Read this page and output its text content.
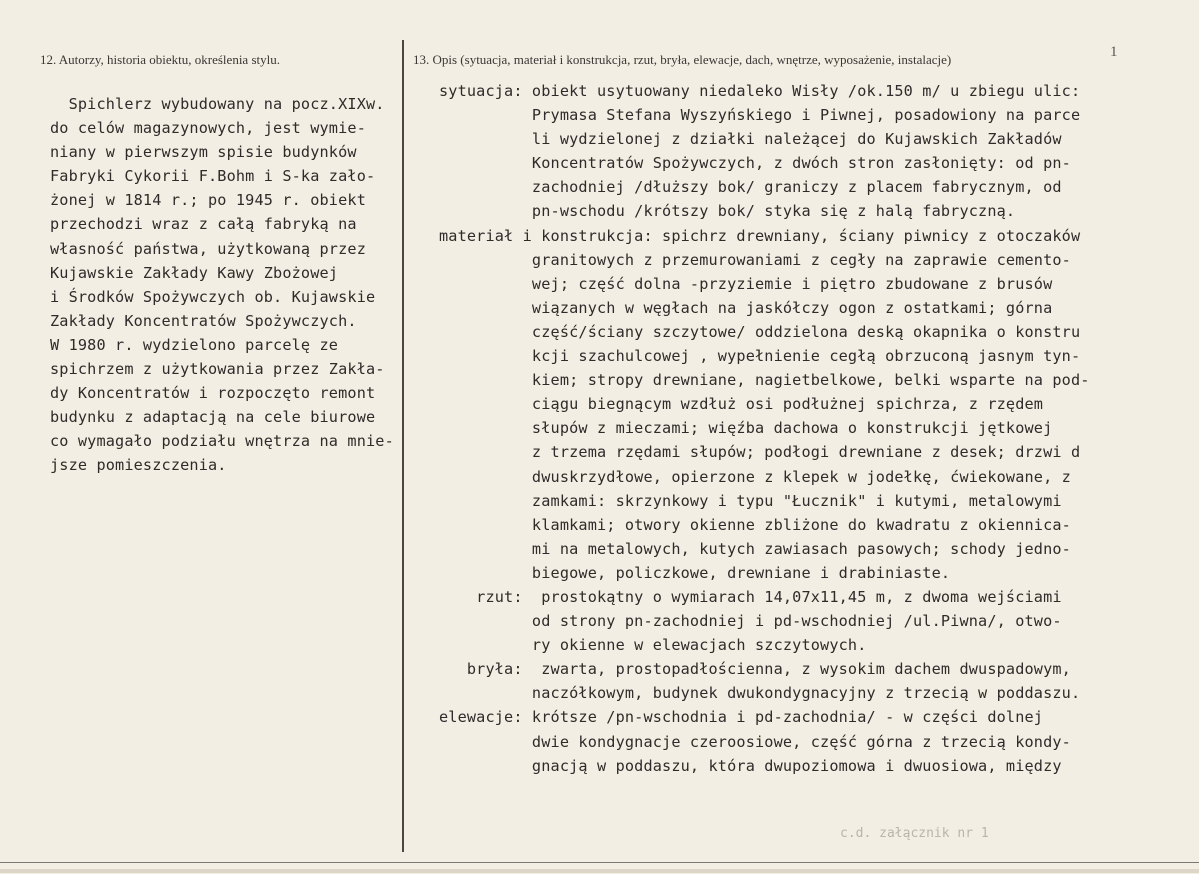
12. Autorzy, historia obiektu, określenia stylu.	13. Opis (sytuacja, materiał i konstrukcja, rzut, bryła, elewacje, dach, wnętrze, wyposażenie, instalacje)	1
Spichlerz wybudowany na pocz.XIXw.
do celów magazynowych, jest wymie-
niany w pierwszym spisie budynków
Fabryki Cykorii F.Bohm i S-ka zało-
żonej w 1814 r.; po 1945 r. obiekt
przechodzi wraz z całą fabryką na
własność państwa, użytkowaną przez
Kujawskie Zakłady Kawy Zbożowej
i Środków Spożywczych ob. Kujawskie
Zakłady Koncentratów Spożywczych.
W 1980 r. wydzielono parcelę ze
spichrzem z użytkowania przez Zakła-
dy Koncentratów i rozpoczęto remont
budynku z adaptacją na cele biurowe
co wymagało podziału wnętrza na mnie-
jsze pomieszczenia.
sytuacja: obiekt usytuowany niedaleko Wisły /ok.150 m/ u zbiegu ulic:
Prymasa Stefana Wyszyńskiego i Piwnej, posadowiony na parce
li wydzielonej z działki należącej do Kujawskich Zakładów
Koncentratów Spożywczych, z dwóch stron zasłonięty: od pn-
zachodniej /dłuższy bok/ graniczy z placem fabrycznym, od
pn-wschodu /krótszy bok/ styka się z halą fabryczną.
materiał i konstrukcja: spichrz drewniany, ściany piwnicy z otoczaków
granitowych z przemurowaniami z cegły na zaprawie cemento-
wej; część dolna -przyziemie i piętro zbudowane z brusów
wiązanych w węgłach na jaskółczy ogon z ostatkami; górna
część/ściany szczytowe/ oddzielona deską okapnika o konstru
kcji szachulcowej , wypełnienie cegłą obrzuconą jasnym tyn-
kiem; stropy drewniane, nagietbelkowe, belki wsparte na pod-
ciągu biegnącym wzdłuż osi podłużnej spichrza, z rzędem
słupów z mieczami; więźba dachowa o konstrukcji jętkowej
z trzema rzędami słupów; podłogi drewniane z desek; drzwi d
dwuskrzydłowe, opierzone z klepek w jodełkę, ćwiekowane, z
zamkami: skrzynkowy i typu "Łucznik" i kutymi, metalowymi
klamkami; otwory okienne zbliżone do kwadratu z okiennica-
mi na metalowych, kutych zawiasach pasowych; schody jedno-
biegowe, policzkowe, drewniane i drabiniaste.
rzut:  prostokątny o wymiarach 14,07x11,45 m, z dwoma wejściami
od strony pn-zachodniej i pd-wschodniej /ul.Piwna/, otwo-
ry okienne w elewacjach szczytowych.
bryła:  zwarta, prostopadłościenna, z wysokim dachem dwuspadowym,
naczółkowym, budynek dwukondygnacyjny z trzecią w poddaszu.
elewacje: krótsze /pn-wschodnia i pd-zachodnia/ - w części dolnej
dwie kondygnacje czeroosiowe, część górna z trzecią kondy-
gnacją w poddaszu, która dwupoziomowa i dwuosiowa, między
c.d. załącznik nr 1
